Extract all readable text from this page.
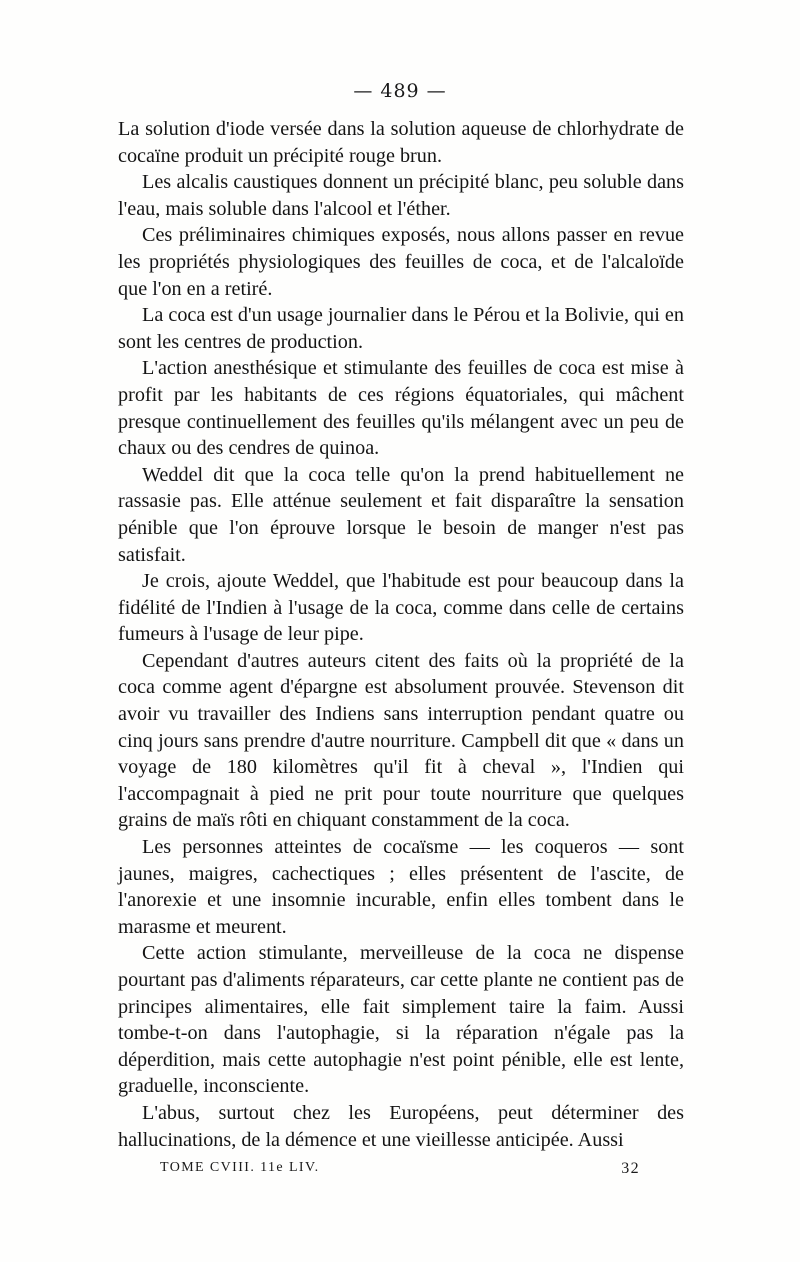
— 489 —

La solution d'iode versée dans la solution aqueuse de chlorhydrate de cocaïne produit un précipité rouge brun.

Les alcalis caustiques donnent un précipité blanc, peu soluble dans l'eau, mais soluble dans l'alcool et l'éther.

Ces préliminaires chimiques exposés, nous allons passer en revue les propriétés physiologiques des feuilles de coca, et de l'alcaloïde que l'on en a retiré.

La coca est d'un usage journalier dans le Pérou et la Bolivie, qui en sont les centres de production.

L'action anesthésique et stimulante des feuilles de coca est mise à profit par les habitants de ces régions équatoriales, qui mâchent presque continuellement des feuilles qu'ils mélangent avec un peu de chaux ou des cendres de quinoa.

Weddel dit que la coca telle qu'on la prend habituellement ne rassasie pas. Elle atténue seulement et fait disparaître la sensation pénible que l'on éprouve lorsque le besoin de manger n'est pas satisfait.

Je crois, ajoute Weddel, que l'habitude est pour beaucoup dans la fidélité de l'Indien à l'usage de la coca, comme dans celle de certains fumeurs à l'usage de leur pipe.

Cependant d'autres auteurs citent des faits où la propriété de la coca comme agent d'épargne est absolument prouvée. Stevenson dit avoir vu travailler des Indiens sans interruption pendant quatre ou cinq jours sans prendre d'autre nourriture. Campbell dit que « dans un voyage de 180 kilomètres qu'il fit à cheval », l'Indien qui l'accompagnait à pied ne prit pour toute nourriture que quelques grains de maïs rôti en chiquant constamment de la coca.

Les personnes atteintes de cocaïsme — les coqueros — sont jaunes, maigres, cachectiques ; elles présentent de l'ascite, de l'anorexie et une insomnie incurable, enfin elles tombent dans le marasme et meurent.

Cette action stimulante, merveilleuse de la coca ne dispense pourtant pas d'aliments réparateurs, car cette plante ne contient pas de principes alimentaires, elle fait simplement taire la faim. Aussi tombe-t-on dans l'autophagie, si la réparation n'égale pas la déperdition, mais cette autophagie n'est point pénible, elle est lente, graduelle, inconsciente.

L'abus, surtout chez les Européens, peut déterminer des hallucinations, de la démence et une vieillesse anticipée. Aussi

TOME CVIII. 11e LIV.	32
